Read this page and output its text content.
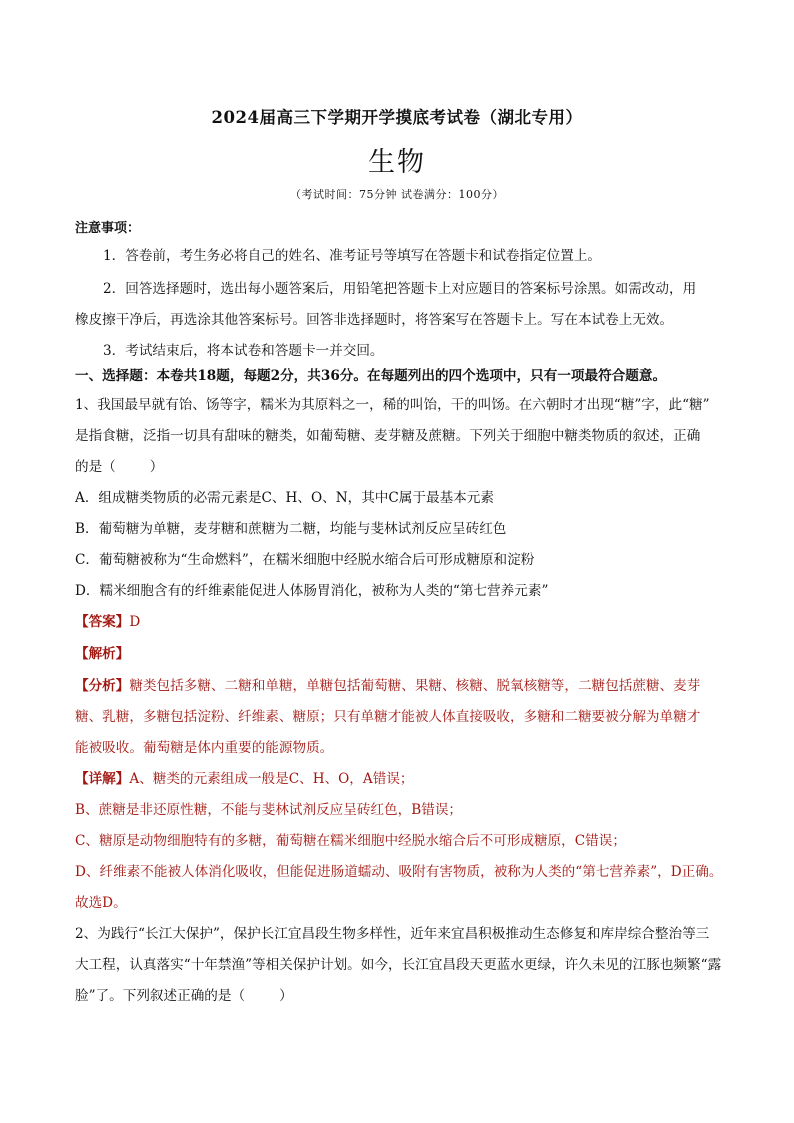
2024届高三下学期开学摸底考试卷（湖北专用）
生物
（考试时间：75分钟 试卷满分：100分）
注意事项：
1．答卷前，考生务必将自己的姓名、准考证号等填写在答题卡和试卷指定位置上。
2．回答选择题时，选出每小题答案后，用铅笔把答题卡上对应题目的答案标号涂黑。如需改动，用
橡皮擦干净后，再选涂其他答案标号。回答非选择题时，将答案写在答题卡上。写在本试卷上无效。
3．考试结束后，将本试卷和答题卡一并交回。
一、选择题：本卷共18题，每题2分，共36分。在每题列出的四个选项中，只有一项最符合题意。
1、我国最早就有饴、饧等字，糯米为其原料之一，稀的叫饴，干的叫饧。在六朝时才出现“糖”字，此“糖”
是指食糖，泛指一切具有甜味的糖类，如葡萄糖、麦芽糖及蔗糖。下列关于细胞中糖类物质的叙述，正确
的是（	）
A．组成糖类物质的必需元素是C、H、O、N，其中C属于最基本元素
B．葡萄糖为单糖，麦芽糖和蔗糖为二糖，均能与斐林试剂反应呈砖红色
C．葡萄糖被称为“生命燃料”，在糯米细胞中经脱水缩合后可形成糖原和淀粉
D．糯米细胞含有的纤维素能促进人体肠胃消化，被称为人类的“第七营养元素”
【答案】D
【解析】
【分析】糖类包括多糖、二糖和单糖，单糖包括葡萄糖、果糖、核糖、脱氧核糖等，二糖包括蔗糖、麦芽
糖、乳糖，多糖包括淀粉、纤维素、糖原；只有单糖才能被人体直接吸收，多糖和二糖要被分解为单糖才
能被吸收。葡萄糖是体内重要的能源物质。
【详解】A、糖类的元素组成一般是C、H、O，A错误；
B、蔗糖是非还原性糖，不能与斐林试剂反应呈砖红色，B错误；
C、糖原是动物细胞特有的多糖，葡萄糖在糯米细胞中经脱水缩合后不可形成糖原，C错误；
D、纤维素不能被人体消化吸收，但能促进肠道蠕动、吸附有害物质，被称为人类的“第七营养素”，D正确。
故选D。
2、为践行“长江大保护”，保护长江宜昌段生物多样性，近年来宜昌积极推动生态修复和库岸综合整治等三
大工程，认真落实“十年禁渔”等相关保护计划。如今，长江宜昌段天更蓝水更绿，许久未见的江豚也频繁“露
脸”了。下列叙述正确的是（	）
